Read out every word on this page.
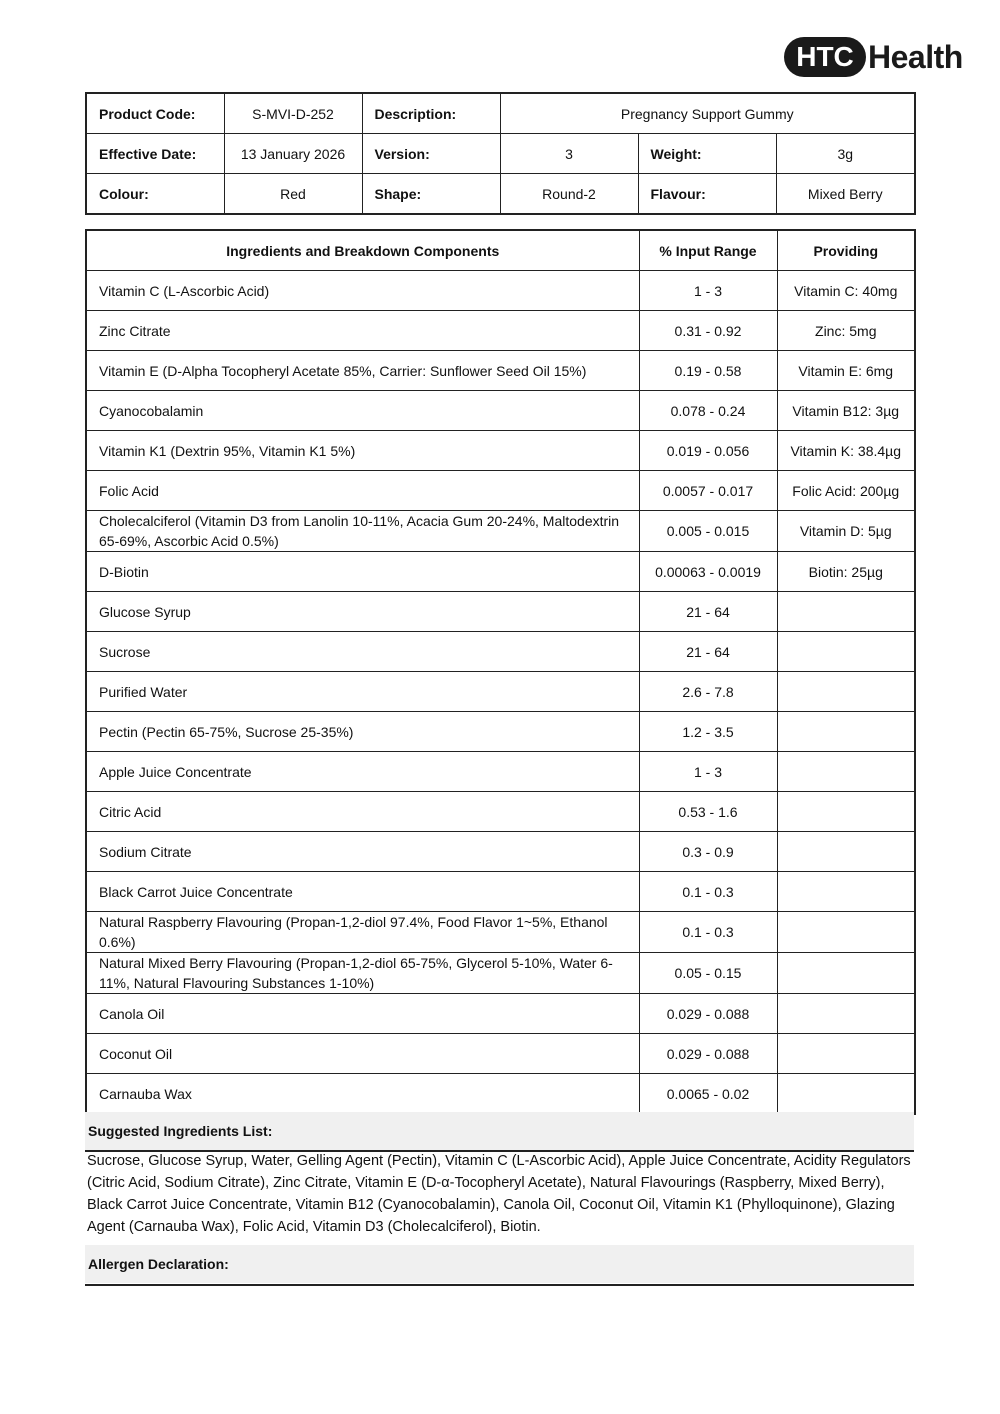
HTC Health
Product Code:	S-MVI-D-252	Description:	Pregnancy Support Gummy		
Effective Date:	13 January 2026	Version:	3	Weight:	3g
Colour:	Red	Shape:	Round-2	Flavour:	Mixed Berry
Ingredients and Breakdown Components	% Input Range	Providing
Vitamin C (L-Ascorbic Acid)	1 - 3	Vitamin C: 40mg
Zinc Citrate	0.31 - 0.92	Zinc: 5mg
Vitamin E (D-Alpha Tocopheryl Acetate 85%, Carrier: Sunflower Seed Oil 15%)	0.19 - 0.58	Vitamin E: 6mg
Cyanocobalamin	0.078 - 0.24	Vitamin B12: 3µg
Vitamin K1 (Dextrin 95%, Vitamin K1 5%)	0.019 - 0.056	Vitamin K: 38.4µg
Folic Acid	0.0057 - 0.017	Folic Acid: 200µg
Cholecalciferol (Vitamin D3 from Lanolin 10-11%, Acacia Gum 20-24%, Maltodextrin 65-69%, Ascorbic Acid 0.5%)	0.005 - 0.015	Vitamin D: 5µg
D-Biotin	0.00063 - 0.0019	Biotin: 25µg
Glucose Syrup	21 - 64	
Sucrose	21 - 64	
Purified Water	2.6 - 7.8	
Pectin (Pectin 65-75%, Sucrose 25-35%)	1.2 - 3.5	
Apple Juice Concentrate	1 - 3	
Citric Acid	0.53 - 1.6	
Sodium Citrate	0.3 - 0.9	
Black Carrot Juice Concentrate	0.1 - 0.3	
Natural Raspberry Flavouring (Propan-1,2-diol 97.4%, Food Flavor 1~5%, Ethanol 0.6%)	0.1 - 0.3	
Natural Mixed Berry Flavouring (Propan-1,2-diol 65-75%, Glycerol 5-10%, Water 6-11%, Natural Flavouring Substances 1-10%)	0.05 - 0.15	
Canola Oil	0.029 - 0.088	
Coconut Oil	0.029 - 0.088	
Carnauba Wax	0.0065 - 0.02	
Suggested Ingredients List:
Sucrose, Glucose Syrup, Water, Gelling Agent (Pectin), Vitamin C (L-Ascorbic Acid), Apple Juice Concentrate, Acidity Regulators (Citric Acid, Sodium Citrate), Zinc Citrate, Vitamin E (D-α-Tocopheryl Acetate), Natural Flavourings (Raspberry, Mixed Berry), Black Carrot Juice Concentrate, Vitamin B12 (Cyanocobalamin), Canola Oil, Coconut Oil, Vitamin K1 (Phylloquinone), Glazing Agent (Carnauba Wax), Folic Acid, Vitamin D3 (Cholecalciferol), Biotin.
Allergen Declaration:
